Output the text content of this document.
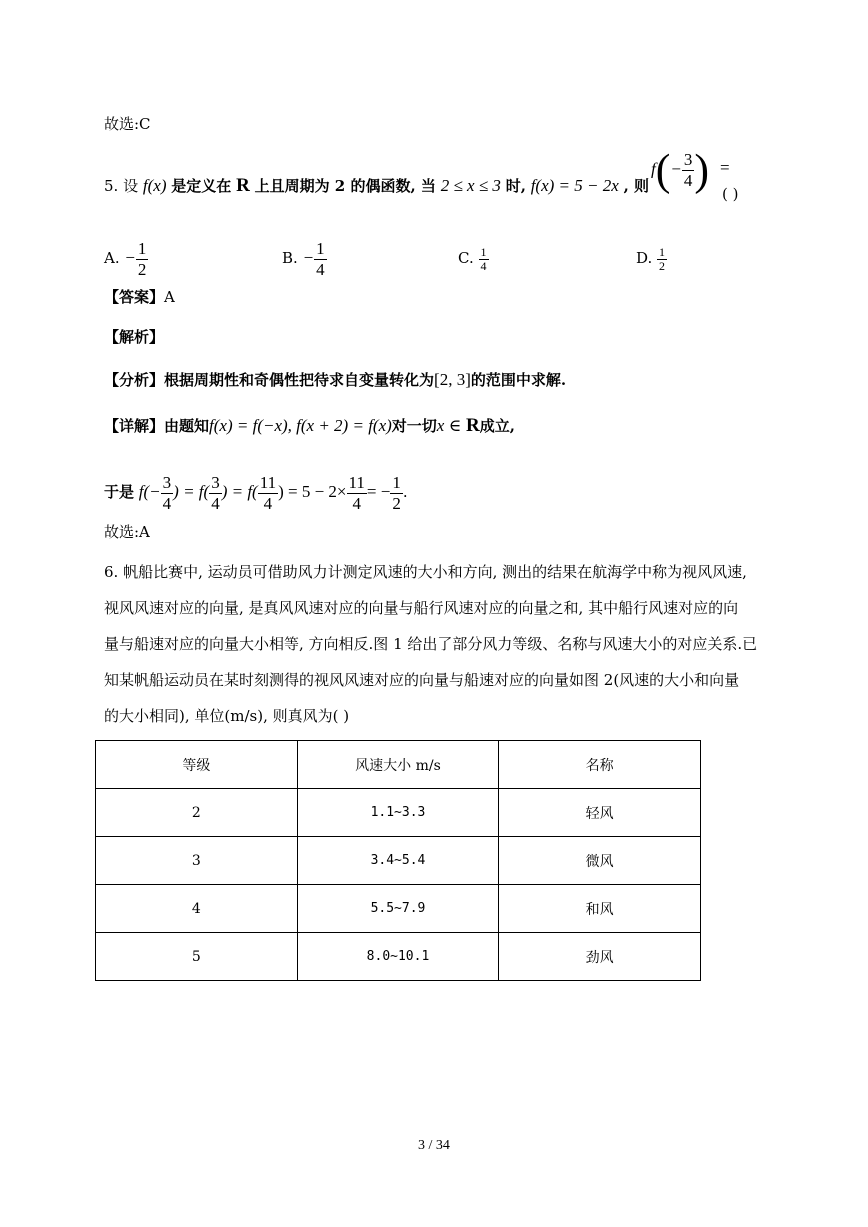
故选:C
5. 设 f(x) 是定义在 R 上且周期为 2 的偶函数, 当 2 ≤ x ≤ 3 时, f(x) = 5 − 2x , 则
$f(- \frac{3}{4}$ ) =
( )
A. − $\frac{1}{2}$	B. − $\frac{1}{4}$	C. $\frac{1}{4}$	D. $\frac{1}{2}$
【答案】A
【解析】
【分析】根据周期性和奇偶性把待求自变量转化为[2, 3]的范围中求解.
【详解】由题知f(x) = f(−x), f(x + 2) = f(x)对一切x ∈ R成立,
于是 $f(- \frac{3}{4}$ ) = $f( \frac{3}{4}$ ) = $f( \frac{11}{4}$ ) = $5 - 2\times \frac{11}{4}$ = − $\frac{1}{2}$ .
故选:A
6. 帆船比赛中, 运动员可借助风力计测定风速的大小和方向, 测出的结果在航海学中称为视风风速,
视风风速对应的向量, 是真风风速对应的向量与船行风速对应的向量之和, 其中船行风速对应的向
量与船速对应的向量大小相等, 方向相反.图 1 给出了部分风力等级、名称与风速大小的对应关系.已
知某帆船运动员在某时刻测得的视风风速对应的向量与船速对应的向量如图 2(风速的大小和向量
的大小相同), 单位(m/s), 则真风为( )
等级	风速大小 m/s	名称
2	1.1~3.3	轻风
3	3.4~5.4	微风
4	5.5~7.9	和风
5	8.0~10.1	劲风
3 / 34
